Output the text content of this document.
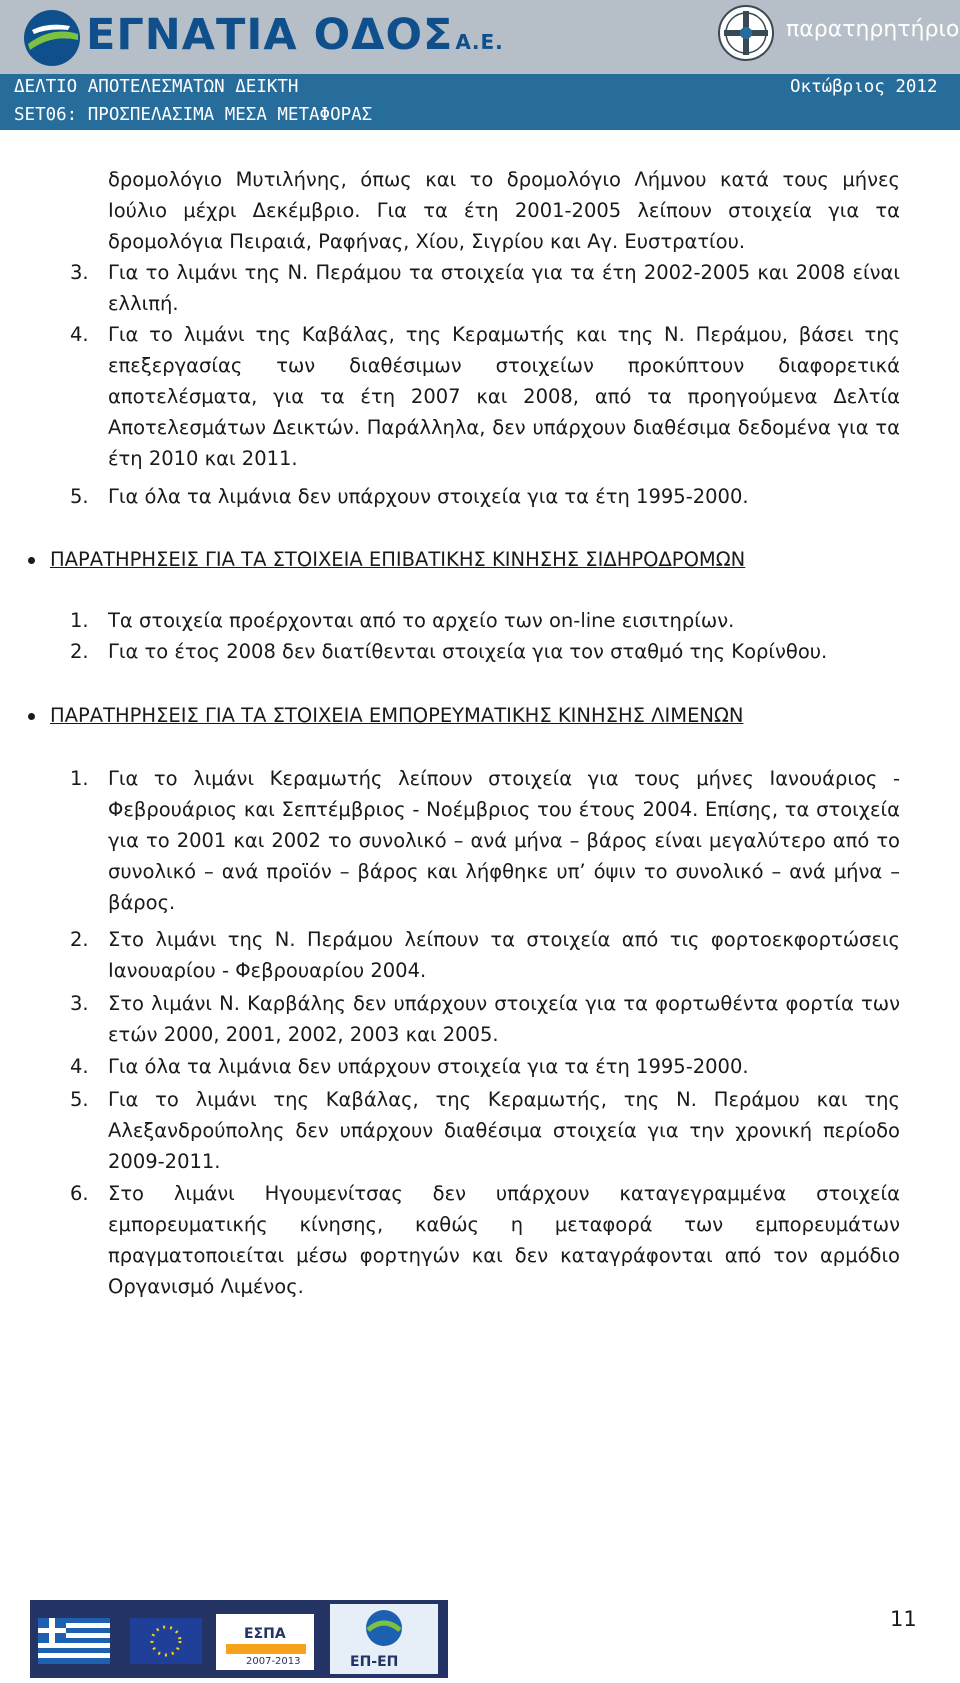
ΕΓΝΑΤΙΑ ΟΔΟΣ Α.Ε.	παρατηρητήριο
ΔΕΛΤΙΟ ΑΠΟΤΕΛΕΣΜΑΤΩΝ ΔΕΙΚΤΗ	Οκτώβριος 2012
SET06: ΠΡΟΣΠΕΛΑΣΙΜΑ ΜΕΣΑ ΜΕΤΑΦΟΡΑΣ
δρομολόγιο Μυτιλήνης, όπως και το δρομολόγιο Λήμνου κατά τους μήνες
Ιούλιο μέχρι Δεκέμβριο. Για τα έτη 2001-2005 λείπουν στοιχεία για τα
δρομολόγια Πειραιά, Ραφήνας, Χίου, Σιγρίου και Αγ. Ευστρατίου.
3. Για το λιμάνι της Ν. Περάμου τα στοιχεία για τα έτη 2002-2005 και 2008 είναι ελλιπή.
4. Για το λιμάνι της Καβάλας, της Κεραμωτής και της Ν. Περάμου, βάσει της επεξεργασίας των διαθέσιμων στοιχείων προκύπτουν διαφορετικά αποτελέσματα, για τα έτη 2007 και 2008, από τα προηγούμενα Δελτία Αποτελεσμάτων Δεικτών. Παράλληλα, δεν υπάρχουν διαθέσιμα δεδομένα για τα έτη 2010 και 2011.
5. Για όλα τα λιμάνια δεν υπάρχουν στοιχεία για τα έτη 1995-2000.
ΠΑΡΑΤΗΡΗΣΕΙΣ ΓΙΑ ΤΑ ΣΤΟΙΧΕΙΑ ΕΠΙΒΑΤΙΚΗΣ ΚΙΝΗΣΗΣ ΣΙΔΗΡΟΔΡΟΜΩΝ
1. Τα στοιχεία προέρχονται από το αρχείο των on-line εισιτηρίων.
2. Για το έτος 2008 δεν διατίθενται στοιχεία για τον σταθμό της Κορίνθου.
ΠΑΡΑΤΗΡΗΣΕΙΣ ΓΙΑ ΤΑ ΣΤΟΙΧΕΙΑ ΕΜΠΟΡΕΥΜΑΤΙΚΗΣ ΚΙΝΗΣΗΣ ΛΙΜΕΝΩΝ
1. Για το λιμάνι Κεραμωτής λείπουν στοιχεία για τους μήνες Ιανουάριος - Φεβρουάριος και Σεπτέμβριος - Νοέμβριος του έτους 2004. Επίσης, τα στοιχεία για το 2001 και 2002 το συνολικό – ανά μήνα – βάρος είναι μεγαλύτερο από το συνολικό – ανά προϊόν – βάρος και λήφθηκε υπ’ όψιν το συνολικό – ανά μήνα – βάρος.
2. Στο λιμάνι της Ν. Περάμου λείπουν τα στοιχεία από τις φορτοεκφορτώσεις Ιανουαρίου - Φεβρουαρίου 2004.
3. Στο λιμάνι Ν. Καρβάλης δεν υπάρχουν στοιχεία για τα φορτωθέντα φορτία των ετών 2000, 2001, 2002, 2003 και 2005.
4. Για όλα τα λιμάνια δεν υπάρχουν στοιχεία για τα έτη 1995-2000.
5. Για το λιμάνι της Καβάλας, της Κεραμωτής, της Ν. Περάμου και της Αλεξανδρούπολης δεν υπάρχουν διαθέσιμα στοιχεία για την χρονική περίοδο 2009-2011.
6. Στο λιμάνι Ηγουμενίτσας δεν υπάρχουν καταγεγραμμένα στοιχεία εμπορευματικής κίνησης, καθώς η μεταφορά των εμπορευμάτων πραγματοποιείται μέσω φορτηγών και δεν καταγράφονται από τον αρμόδιο Οργανισμό Λιμένος.
ΕΣΠΑ
2007-2013	ΕΠ-ΕП
11
